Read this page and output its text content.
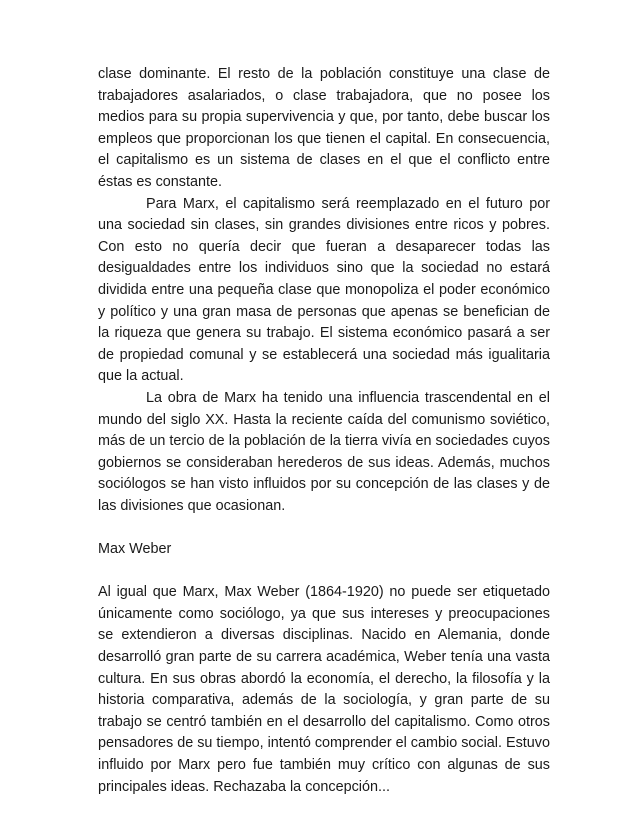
clase dominante. El resto de la población constituye una clase de trabajadores asalariados, o clase trabajadora, que no posee los medios para su propia supervivencia y que, por tanto, debe buscar los empleos que proporcionan los que tienen el capital. En consecuencia, el capitalismo es un sistema de clases en el que el conflicto entre éstas es constante.

Para Marx, el capitalismo será reemplazado en el futuro por una sociedad sin clases, sin grandes divisiones entre ricos y pobres. Con esto no quería decir que fueran a desaparecer todas las desigualdades entre los individuos sino que la sociedad no estará dividida entre una pequeña clase que monopoliza el poder económico y político y una gran masa de personas que apenas se benefician de la riqueza que genera su trabajo. El sistema económico pasará a ser de propiedad comunal y se establecerá una sociedad más igualitaria que la actual.

La obra de Marx ha tenido una influencia trascendental en el mundo del siglo XX. Hasta la reciente caída del comunismo soviético, más de un tercio de la población de la tierra vivía en sociedades cuyos gobiernos se consideraban herederos de sus ideas. Además, muchos sociólogos se han visto influidos por su concepción de las clases y de las divisiones que ocasionan.

Max Weber

Al igual que Marx, Max Weber (1864-1920) no puede ser etiquetado únicamente como sociólogo, ya que sus intereses y preocupaciones se extendieron a diversas disciplinas. Nacido en Alemania, donde desarrolló gran parte de su carrera académica, Weber tenía una vasta cultura. En sus obras abordó la economía, el derecho, la filosofía y la historia comparativa, además de la sociología, y gran parte de su trabajo se centró también en el desarrollo del capitalismo. Como otros pensadores de su tiempo, intentó comprender el cambio social. Estuvo influido por Marx pero fue también muy crítico con algunas de sus principales ideas. Rechazaba la concepción...
